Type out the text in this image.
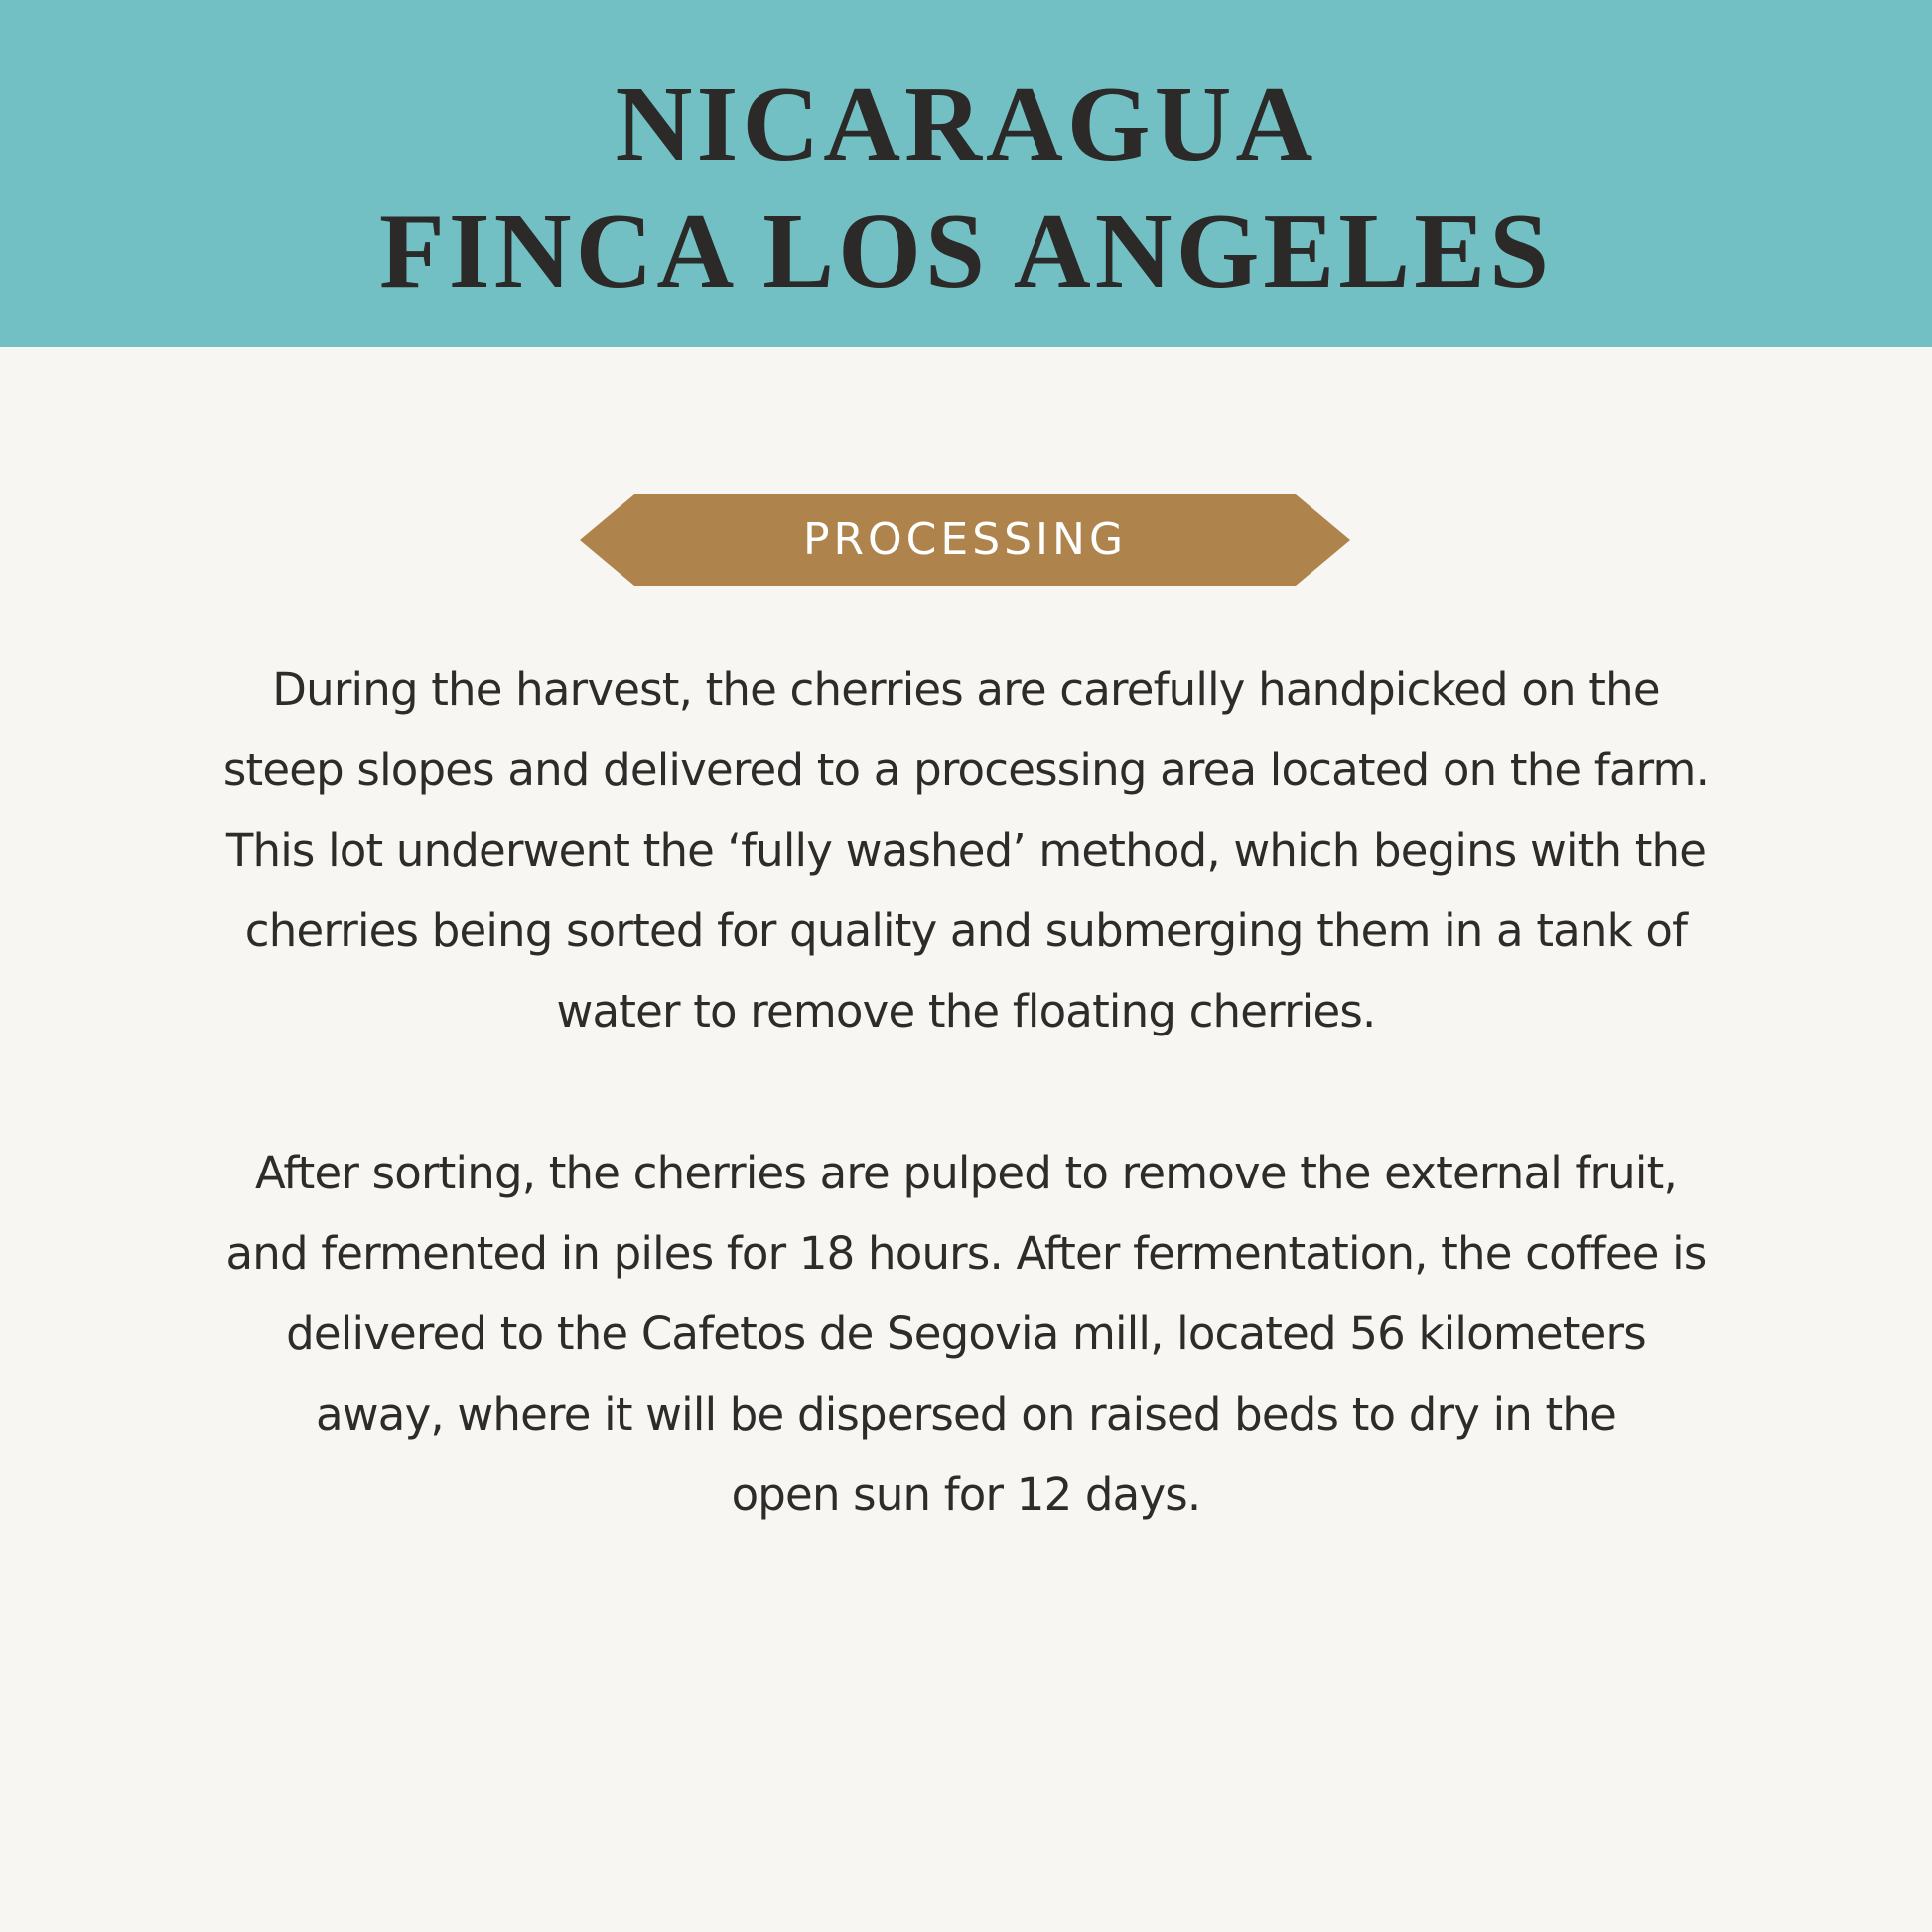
NICARAGUA
FINCA LOS ANGELES
PROCESSING
During the harvest, the cherries are carefully handpicked on the
steep slopes and delivered to a processing area located on the farm.
This lot underwent the ‘fully washed’ method, which begins with the
cherries being sorted for quality and submerging them in a tank of
water to remove the floating cherries.
After sorting, the cherries are pulped to remove the external fruit,
and fermented in piles for 18 hours. After fermentation, the coffee is
delivered to the Cafetos de Segovia mill, located 56 kilometers
away, where it will be dispersed on raised beds to dry in the
open sun for 12 days.
